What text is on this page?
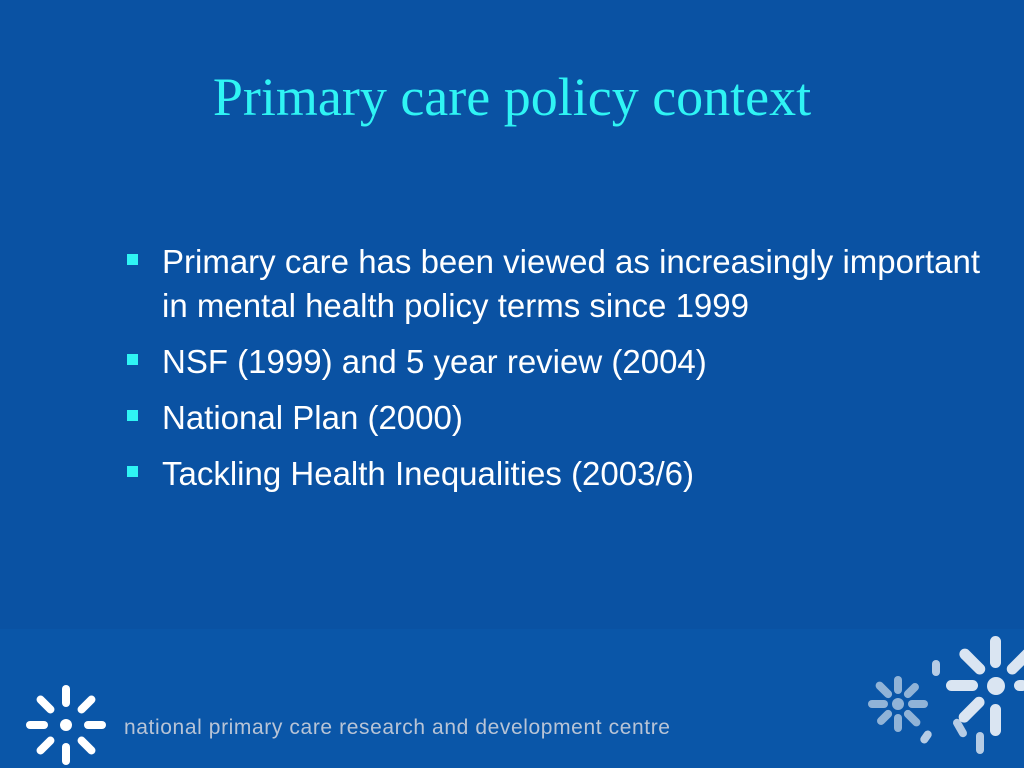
Primary care policy context
Primary care has been viewed as increasingly important in mental health policy terms since 1999
NSF (1999) and 5 year review (2004)
National Plan (2000)
Tackling Health Inequalities (2003/6)
national primary care research and development centre
